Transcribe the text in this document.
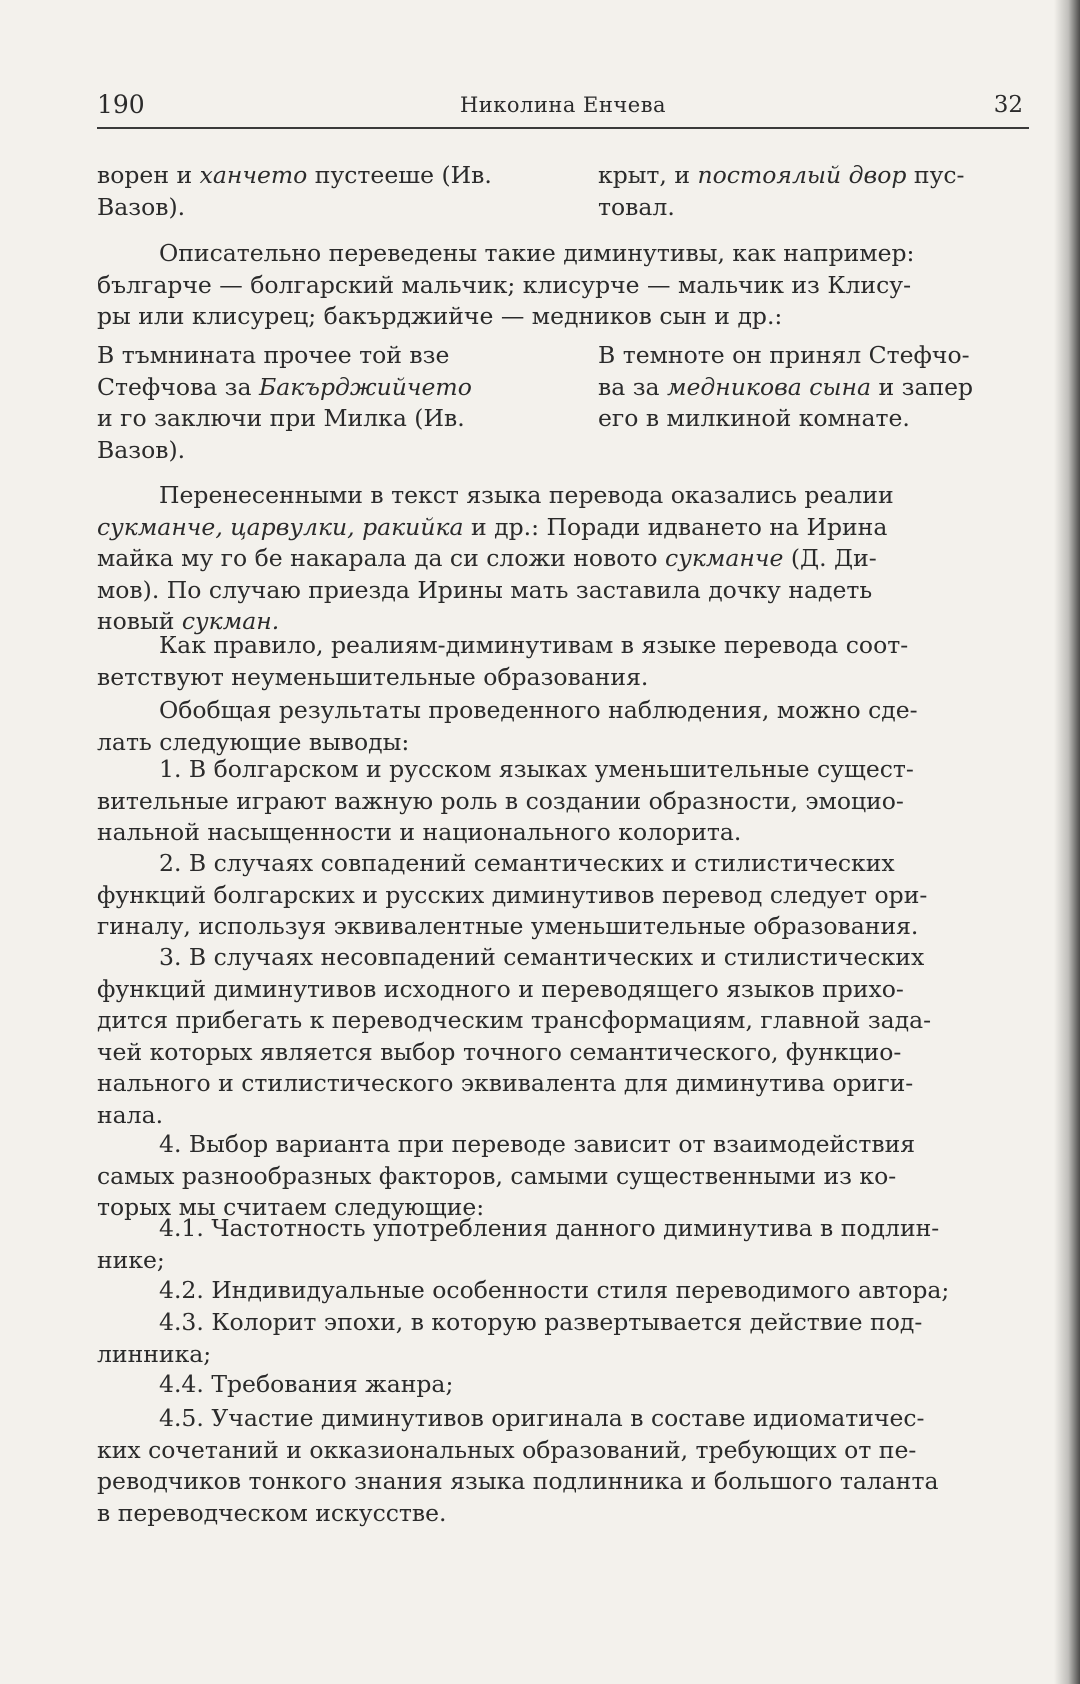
190	Николина Енчева	32
ворен и ханчето пустееше (Ив.
Вазов).
крыт, и постоялый двор пус-
товал.
Описательно переведены такие диминутивы, как например:
българче — болгарский мальчик; клисурче — мальчик из Клису-
ры или клисурец; бакърджийче — медников сын и др.:
В тъмнината прочее той взе
Стефчова за Бакърджийчето
и го заключи при Милка (Ив.
Вазов).
В темноте он принял Стефчо-
ва за медникова сына и запер
его в милкиной комнате.
Перенесенными в текст языка перевода оказались реалии
сукманче, царвулки, ракийка и др.: Поради идването на Ирина
майка му го бе накарала да си сложи новото сукманче (Д. Ди-
мов). По случаю приезда Ирины мать заставила дочку надеть
новый сукман.
Как правило, реалиям-диминутивам в языке перевода соот-
ветствуют неуменьшительные образования.
Обобщая результаты проведенного наблюдения, можно сде-
лать следующие выводы:
1. В болгарском и русском языках уменьшительные сущест-
вительные играют важную роль в создании образности, эмоцио-
нальной насыщенности и национального колорита.
2. В случаях совпадений семантических и стилистических
функций болгарских и русских диминутивов перевод следует ори-
гиналу, используя эквивалентные уменьшительные образования.
3. В случаях несовпадений семантических и стилистических
функций диминутивов исходного и переводящего языков прихо-
дится прибегать к переводческим трансформациям, главной зада-
чей которых является выбор точного семантического, функцио-
нального и стилистического эквивалента для диминутива ориги-
нала.
4. Выбор варианта при переводе зависит от взаимодействия
самых разнообразных факторов, самыми существенными из ко-
торых мы считаем следующие:
4.1. Частотность употребления данного диминутива в подлин-
нике;
4.2. Индивидуальные особенности стиля переводимого автора;
4.3. Колорит эпохи, в которую развертывается действие под-
линника;
4.4. Требования жанра;
4.5. Участие диминутивов оригинала в составе идиоматичес-
ких сочетаний и окказиональных образований, требующих от пе-
реводчиков тонкого знания языка подлинника и большого таланта
в переводческом искусстве.
